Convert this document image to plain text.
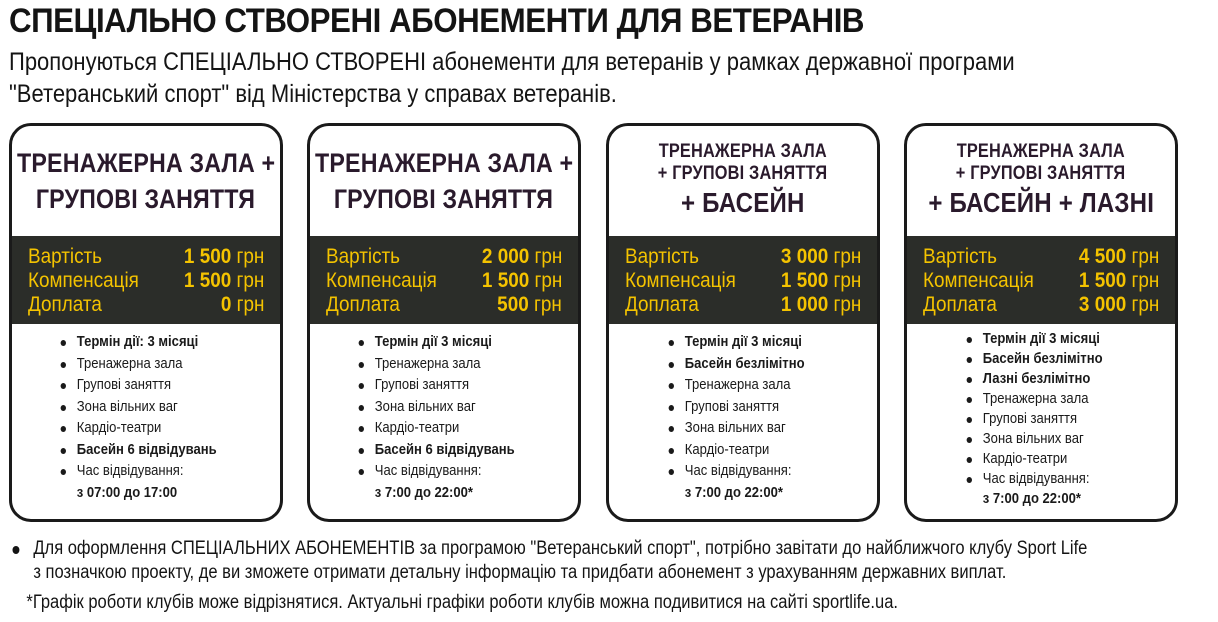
СПЕЦІАЛЬНО СТВОРЕНІ АБОНЕМЕНТИ ДЛЯ ВЕТЕРАНІВ
Пропонуються СПЕЦІАЛЬНО СТВОРЕНІ абонементи для ветеранів у рамках державної програми
"Ветеранський спорт" від Міністерства у справах ветеранів.
ТРЕНАЖЕРНА ЗАЛА +
ГРУПОВІ ЗАНЯТТЯ
Вартість	1 500 грн
Компенсація 1 500 грн
Доплата	0 грн
Термін дії: 3 місяці
Тренажерна зала
Групові заняття
Зона вільних ваг
Кардіо-театри
Басейн 6 відвідувань
Час відвідування:
з 07:00 до 17:00
ТРЕНАЖЕРНА ЗАЛА +
ГРУПОВІ ЗАНЯТТЯ
Вартість	2 000 грн
Компенсація 1 500 грн
Доплата	500 грн
Термін дії 3 місяці
Тренажерна зала
Групові заняття
Зона вільних ваг
Кардіо-театри
Басейн 6 відвідувань
Час відвідування:
з 7:00 до 22:00*
ТРЕНАЖЕРНА ЗАЛА
+ ГРУПОВІ ЗАНЯТТЯ
+ БАСЕЙН
Вартість	3 000 грн
Компенсація 1 500 грн
Доплата	1 000 грн
Термін дії 3 місяці
Басейн безлімітно
Тренажерна зала
Групові заняття
Зона вільних ваг
Кардіо-театри
Час відвідування:
з 7:00 до 22:00*
ТРЕНАЖЕРНА ЗАЛА
+ ГРУПОВІ ЗАНЯТТЯ
+ БАСЕЙН + ЛАЗНІ
Вартість	4 500 грн
Компенсація 1 500 грн
Доплата	3 000 грн
Термін дії 3 місяці
Басейн безлімітно
Лазні безлімітно
Тренажерна зала
Групові заняття
Зона вільних ваг
Кардіо-театри
Час відвідування:
з 7:00 до 22:00*
Для оформлення СПЕЦІАЛЬНИХ АБОНЕМЕНТІВ за програмою "Ветеранський спорт", потрібно завітати до найближчого клубу Sport Life
з позначкою проекту, де ви зможете отримати детальну інформацію та придбати абонемент з урахуванням державних виплат.
*Графік роботи клубів може відрізнятися. Актуальні графіки роботи клубів можна подивитися на сайті sportlife.ua.
